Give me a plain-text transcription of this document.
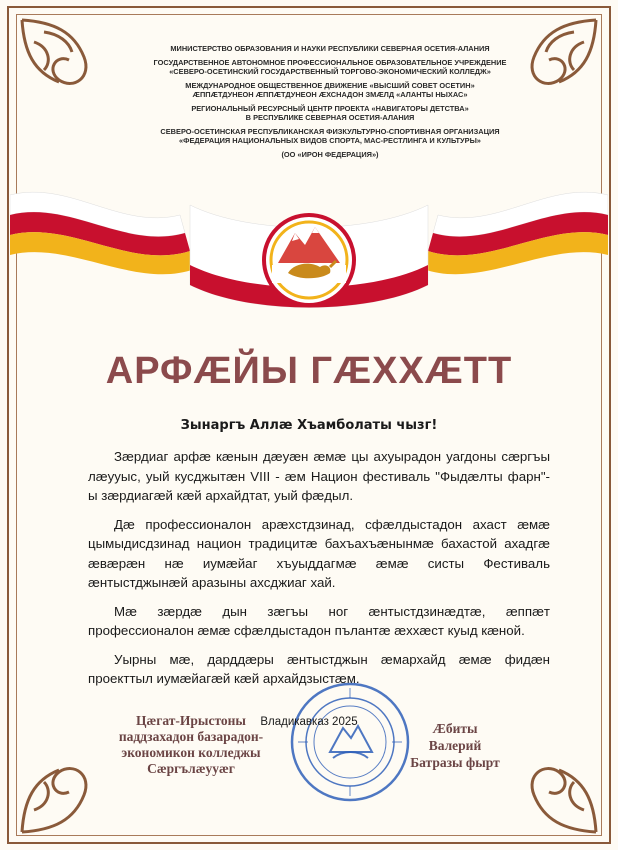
МИНИСТЕРСТВО ОБРАЗОВАНИЯ И НАУКИ РЕСПУБЛИКИ СЕВЕРНАЯ ОСЕТИЯ-АЛАНИЯ
ГОСУДАРСТВЕННОЕ АВТОНОМНОЕ ПРОФЕССИОНАЛЬНОЕ ОБРАЗОВАТЕЛЬНОЕ УЧРЕЖДЕНИЕ
«СЕВЕРО-ОСЕТИНСКИЙ ГОСУДАРСТВЕННЫЙ ТОРГОВО-ЭКОНОМИЧЕСКИЙ КОЛЛЕДЖ»
МЕЖДУНАРОДНОЕ ОБЩЕСТВЕННОЕ ДВИЖЕНИЕ «ВЫСШИЙ СОВЕТ ОСЕТИН»
ӔППӔТДУНЕОН ӔППӔТДУНЕОН ӔХСНАДОН ЗМӔЛД «АЛАНТЫ НЫХАС»
РЕГИОНАЛЬНЫЙ РЕСУРСНЫЙ ЦЕНТР ПРОЕКТА «НАВИГАТОРЫ ДЕТСТВА»
В РЕСПУБЛИКЕ СЕВЕРНАЯ ОСЕТИЯ-АЛАНИЯ
СЕВЕРО-ОСЕТИНСКАЯ РЕСПУБЛИКАНСКАЯ ФИЗКУЛЬТУРНО-СПОРТИВНАЯ ОРГАНИЗАЦИЯ
«ФЕДЕРАЦИЯ НАЦИОНАЛЬНЫХ ВИДОВ СПОРТА, МАС-РЕСТЛИНГА И КУЛЬТУРЫ»
(ОО «ИРОН ФЕДЕРАЦИЯ»)
АРФӔЙЫ ГӔХХӔТТ
Зынаргъ Аллӕ Хъамболаты чызг!

Зæрдиаг арфæ кæнын дæуæн æмæ цы ахуырадон уагдоны сæргъы лæууыс, уый кусджытæн VIII - æм Национ фестиваль "Фыдæлты фарн"- ы зæрдиагæй кæй архайдтат, уый фæдыл.

Дæ профессионалон арæхстдзинад, сфæлдыстадон ахаст æмæ цымыдисдзинад национ традицитæ бахъахъæнынмæ бахастой ахадгæ æвæрæн нæ иумæйаг хъуыддагмæ æмæ систы Фестиваль æнтыстджынæй аразыны ахсджиаг хай.

Мæ зæрдæ дын зæгъы ног æнтыстдзинæдтæ, æппæт профессионалон æмæ сфæлдыстадон пълантæ æххæст куыд кæной.

Уырны мæ, дарддæры æнтыстджын æмархайд æмæ фидæн проекттыл иумæйагæй кæй архайдзыстæм.

Цæгат-Ирыстоны
паддзахадон базарадон-
экономикон колледжы
Сæргълæууæг
Владикавказ 2025	Æбиты
Валерий
Батразы фырт
